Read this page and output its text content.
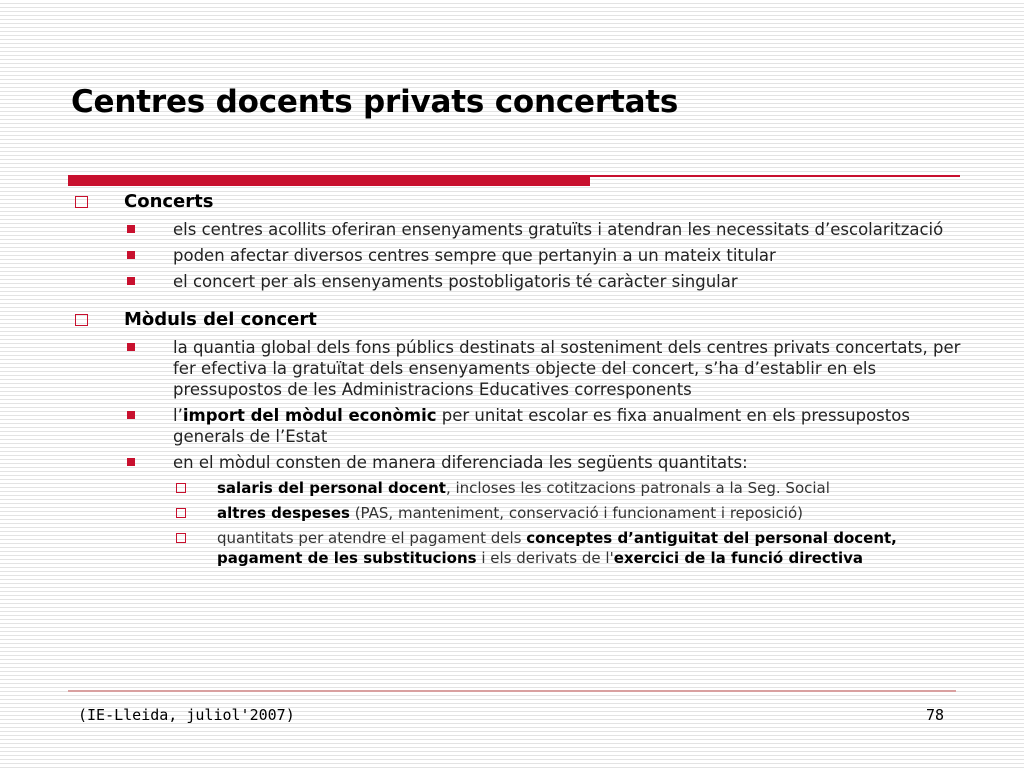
Centres docents privats concertats
Concerts
els centres acollits oferiran ensenyaments gratuïts i atendran les necessitats d’escolarització
poden afectar diversos centres sempre que pertanyin a un mateix titular
el concert per als ensenyaments postobligatoris té caràcter singular
Mòduls del concert
la quantia global dels fons públics destinats al sosteniment dels centres privats concertats, per fer efectiva la gratuïtat dels ensenyaments objecte del concert, s’ha d’establir en els pressupostos de les Administracions Educatives corresponents
l’import del mòdul econòmic per unitat escolar es fixa anualment en els pressupostos generals de l’Estat
en el mòdul consten de manera diferenciada les següents quantitats:
salaris del personal docent, incloses les cotitzacions patronals a la Seg. Social
altres despeses (PAS, manteniment, conservació i funcionament i reposició)
quantitats per atendre el pagament dels conceptes d’antiguitat del personal docent, pagament de les substitucions i els derivats de l'exercici de la funció directiva
(IE-Lleida, juliol'2007)	78
